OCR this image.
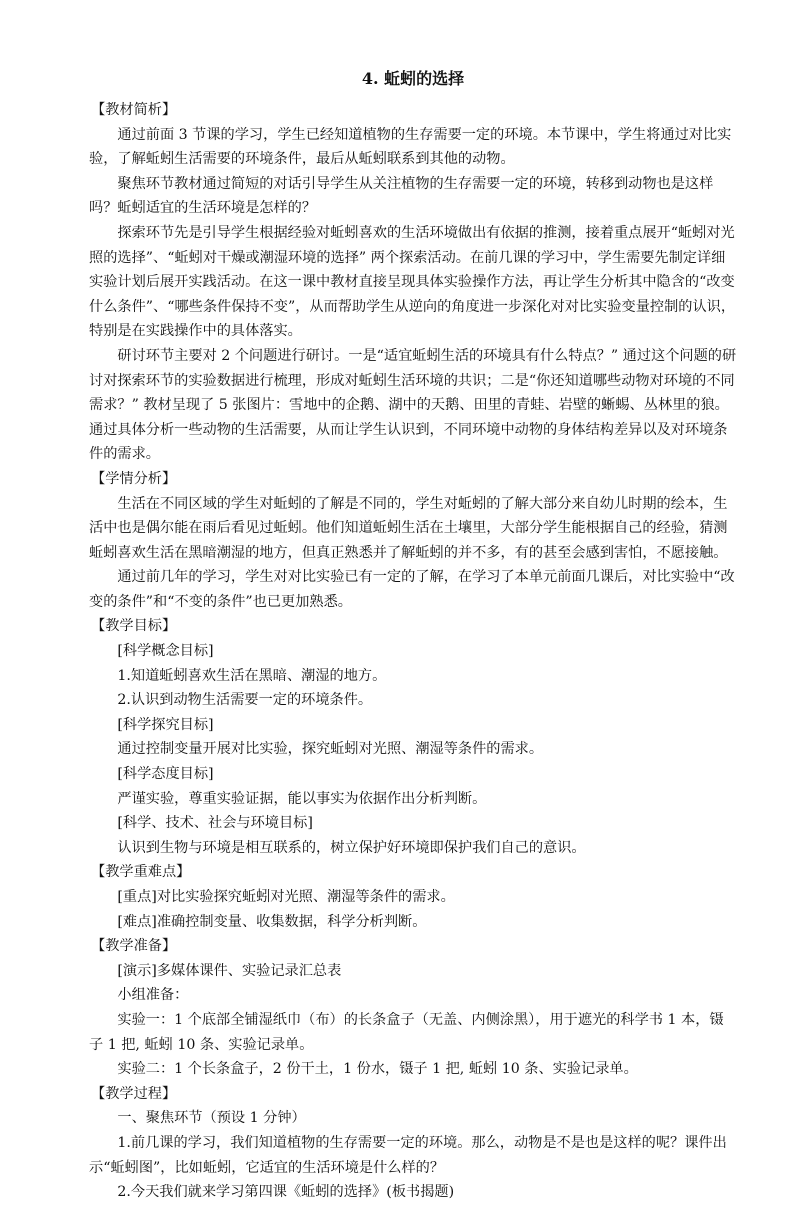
4. 蚯蚓的选择

【教材简析】

通过前面 3 节课的学习，学生已经知道植物的生存需要一定的环境。本节课中，学生将通过对比实验，了解蚯蚓生活需要的环境条件，最后从蚯蚓联系到其他的动物。

聚焦环节教材通过简短的对话引导学生从关注植物的生存需要一定的环境，转移到动物也是这样吗？蚯蚓适宜的生活环境是怎样的？

探索环节先是引导学生根据经验对蚯蚓喜欢的生活环境做出有依据的推测，接着重点展开“蚯蚓对光照的选择”、“蚯蚓对干燥或潮湿环境的选择” 两个探索活动。在前几课的学习中，学生需要先制定详细实验计划后展开实践活动。在这一课中教材直接呈现具体实验操作方法，再让学生分析其中隐含的“改变什么条件”、“哪些条件保持不变”，从而帮助学生从逆向的角度进一步深化对对比实验变量控制的认识，特别是在实践操作中的具体落实。

研讨环节主要对 2 个问题进行研讨。一是“适宜蚯蚓生活的环境具有什么特点？” 通过这个问题的研讨对探索环节的实验数据进行梳理，形成对蚯蚓生活环境的共识；二是“你还知道哪些动物对环境的不同需求？” 教材呈现了 5 张图片：雪地中的企鹅、湖中的天鹅、田里的青蛙、岩壁的蜥蜴、丛林里的狼。通过具体分析一些动物的生活需要，从而让学生认识到，不同环境中动物的身体结构差异以及对环境条件的需求。

【学情分析】

生活在不同区域的学生对蚯蚓的了解是不同的，学生对蚯蚓的了解大部分来自幼儿时期的绘本，生活中也是偶尔能在雨后看见过蚯蚓。他们知道蚯蚓生活在土壤里，大部分学生能根据自己的经验，猜测蚯蚓喜欢生活在黑暗潮湿的地方，但真正熟悉并了解蚯蚓的并不多，有的甚至会感到害怕，不愿接触。

通过前几年的学习，学生对对比实验已有一定的了解，在学习了本单元前面几课后，对比实验中“改变的条件”和“不变的条件”也已更加熟悉。

【教学目标】

[科学概念目标]

1.知道蚯蚓喜欢生活在黑暗、潮湿的地方。

2.认识到动物生活需要一定的环境条件。

[科学探究目标]

通过控制变量开展对比实验，探究蚯蚓对光照、潮湿等条件的需求。

[科学态度目标]

严谨实验，尊重实验证据，能以事实为依据作出分析判断。

[科学、技术、社会与环境目标]

认识到生物与环境是相互联系的，树立保护好环境即保护我们自己的意识。

【教学重难点】

[重点]对比实验探究蚯蚓对光照、潮湿等条件的需求。

[难点]准确控制变量、收集数据，科学分析判断。

【教学准备】

[演示]多媒体课件、实验记录汇总表

小组准备：

实验一：1 个底部全铺湿纸巾（布）的长条盒子（无盖、内侧涂黑），用于遮光的科学书 1 本，镊子 1 把, 蚯蚓 10 条、实验记录单。

实验二：1 个长条盒子，2 份干土，1 份水，镊子 1 把, 蚯蚓 10 条、实验记录单。

【教学过程】

一、聚焦环节（预设 1 分钟）

1.前几课的学习，我们知道植物的生存需要一定的环境。那么，动物是不是也是这样的呢？课件出示“蚯蚓图”，比如蚯蚓，它适宜的生活环境是什么样的？

2.今天我们就来学习第四课《蚯蚓的选择》(板书揭题)
